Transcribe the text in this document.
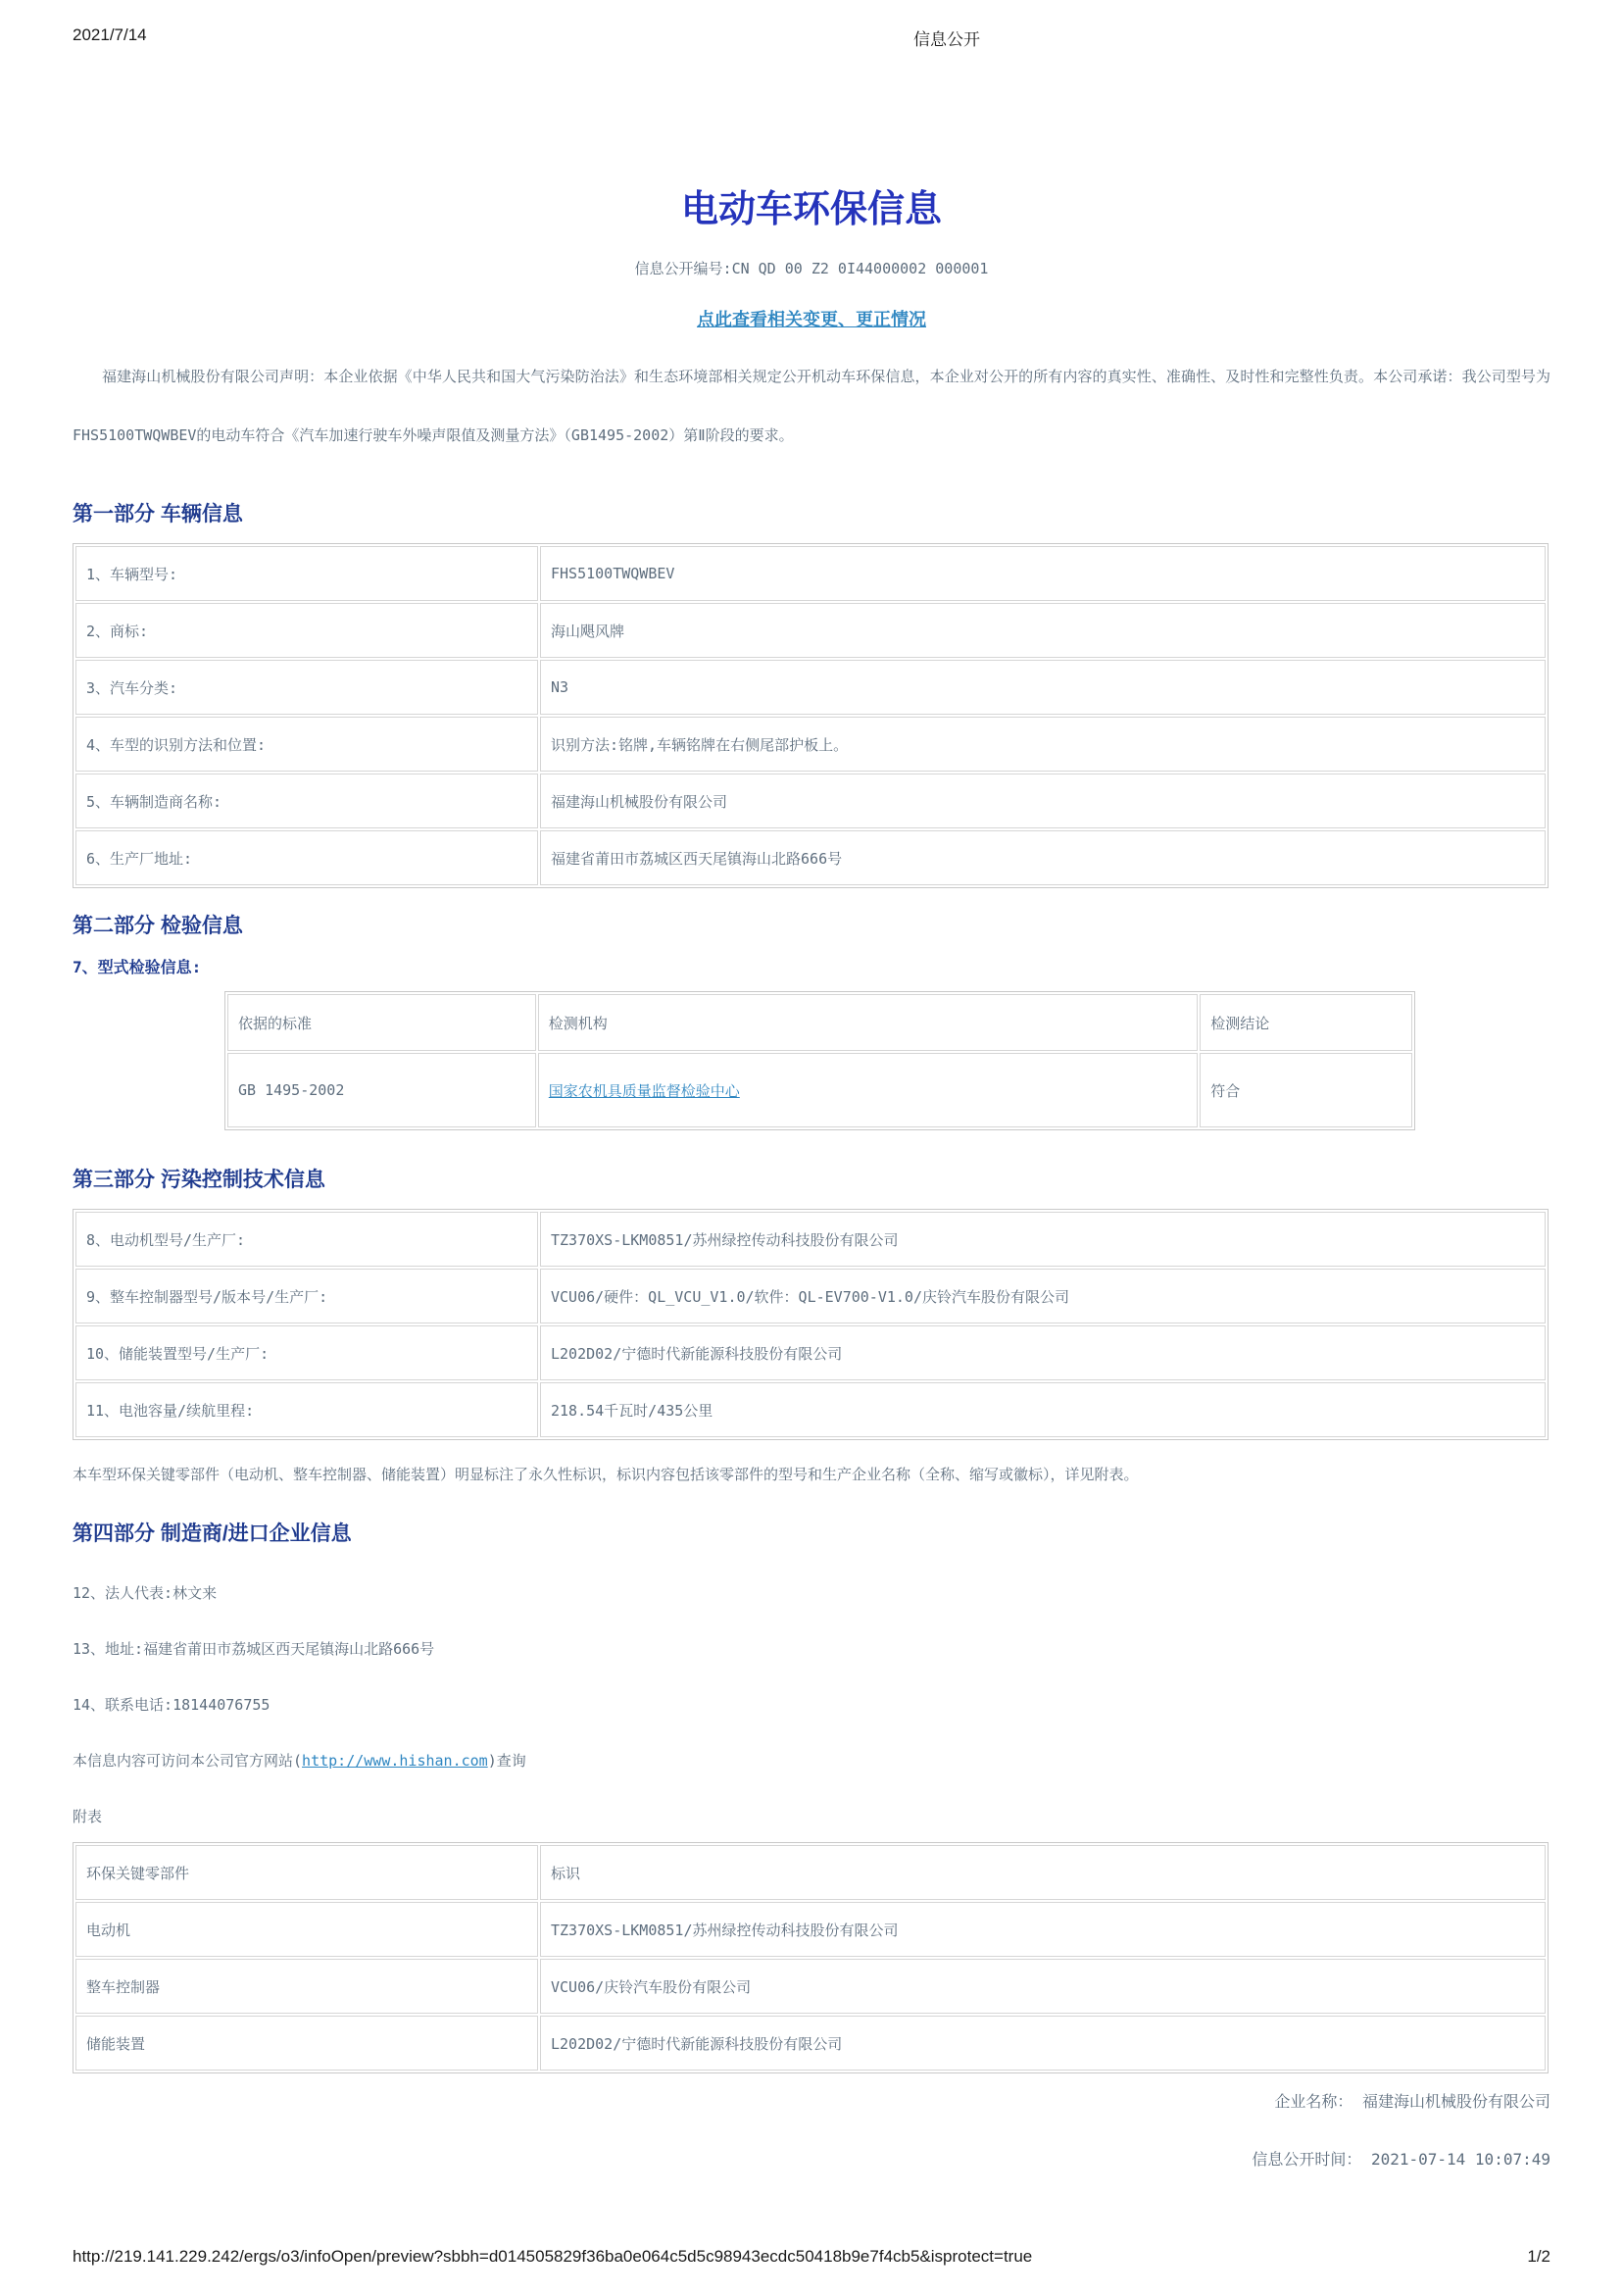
2021/7/14	信息公开
电动车环保信息

信息公开编号:CN QD 00 Z2 0I44000002 000001

点此查看相关变更、更正情况

福建海山机械股份有限公司声明：本企业依据《中华人民共和国大气污染防治法》和生态环境部相关规定公开机动车环保信息，本企业对公开的所有内容的真实性、准确性、及时性和完整性负责。本公司承诺：我公司型号为FHS5100TWQWBEV的电动车符合《汽车加速行驶车外噪声限值及测量方法》（GB1495-2002）第Ⅱ阶段的要求。

第一部分 车辆信息
1、车辆型号:	FHS5100TWQWBEV
2、商标:	海山飓风牌
3、汽车分类:	N3
4、车型的识别方法和位置:	识别方法:铭牌,车辆铭牌在右侧尾部护板上。
5、车辆制造商名称:	福建海山机械股份有限公司
6、生产厂地址:	福建省莆田市荔城区西天尾镇海山北路666号
第二部分 检验信息

7、型式检验信息:

依据的标准	检测机构	检测结论
GB 1495-2002	国家农机具质量监督检验中心	符合
第三部分 污染控制技术信息
8、电动机型号/生产厂:	TZ370XS-LKM0851/苏州绿控传动科技股份有限公司
9、整车控制器型号/版本号/生产厂:	VCU06/硬件：QL_VCU_V1.0/软件：QL-EV700-V1.0/庆铃汽车股份有限公司
10、储能装置型号/生产厂:	L202D02/宁德时代新能源科技股份有限公司
11、电池容量/续航里程:	218.54千瓦时/435公里

本车型环保关键零部件（电动机、整车控制器、储能装置）明显标注了永久性标识，标识内容包括该零部件的型号和生产企业名称（全称、缩写或徽标），详见附表。

第四部分 制造商/进口企业信息

12、法人代表:林文来

13、地址:福建省莆田市荔城区西天尾镇海山北路666号

14、联系电话:18144076755

本信息内容可访问本公司官方网站(http://www.hishan.com)查询

附表

环保关键零部件	标识
电动机	TZ370XS-LKM0851/苏州绿控传动科技股份有限公司
整车控制器	VCU06/庆铃汽车股份有限公司
储能装置	L202D02/宁德时代新能源科技股份有限公司

企业名称： 福建海山机械股份有限公司

信息公开时间： 2021-07-14 10:07:49

http://219.141.229.242/ergs/o3/infoOpen/preview?sbbh=d014505829f36ba0e064c5d5c98943ecdc50418b9e7f4cb5&isprotect=true	1/2
